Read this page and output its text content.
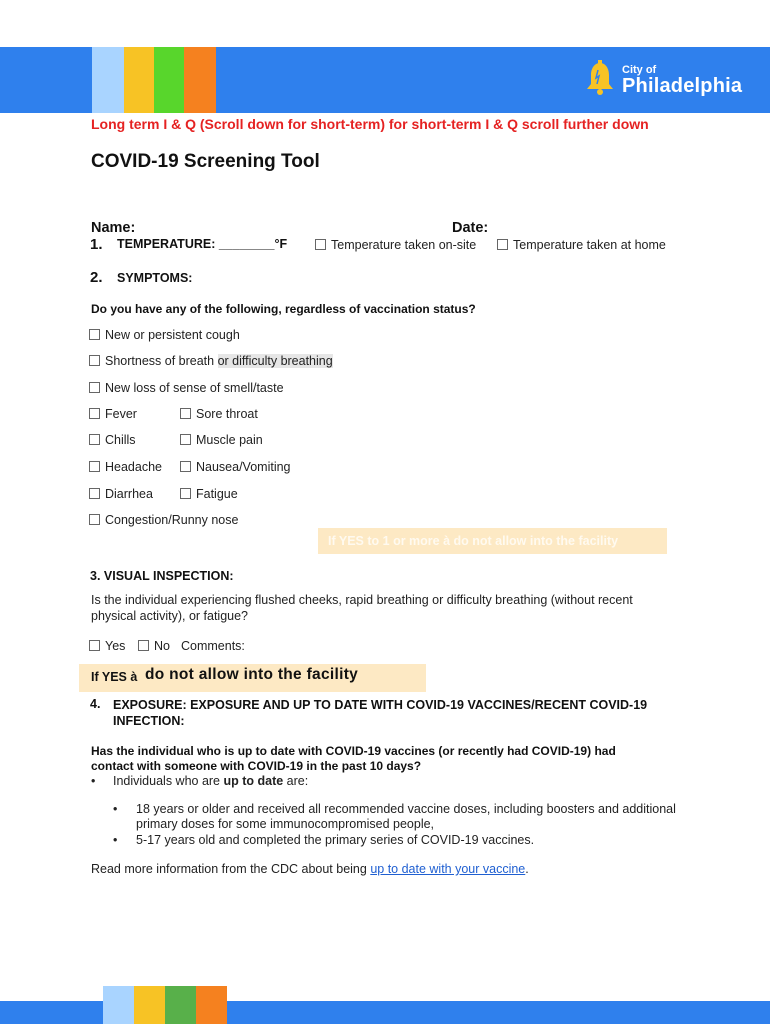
City of
Philadelphia
Long term I & Q (Scroll down for short-term) for short-term I & Q scroll further down
COVID-19 Screening Tool
Name:	Date:
1. TEMPERATURE: ________°F	Temperature taken on-site	Temperature taken at home
2. SYMPTOMS:
Do you have any of the following, regardless of vaccination status?
New or persistent cough
Shortness of breath or difficulty breathing
New loss of sense of smell/taste
Fever	Sore throat
Chills	Muscle pain
Headache	Nausea/Vomiting
Diarrhea	Fatigue
Congestion/Runny nose
If YES to 1 or more à do not allow into the facility
3. VISUAL INSPECTION:
Is the individual experiencing flushed cheeks, rapid breathing or difficulty breathing (without recent physical activity), or fatigue?
Yes	No Comments:
If YES à do not allow into the facility
4. EXPOSURE: EXPOSURE AND UP TO DATE WITH COVID-19 VACCINES/RECENT COVID-19 INFECTION:
Has the individual who is up to date with COVID-19 vaccines (or recently had COVID-19) had contact with someone with COVID-19 in the past 10 days?
• Individuals who are up to date are:
• 18 years or older and received all recommended vaccine doses, including boosters and additional primary doses for some immunocompromised people,
• 5-17 years old and completed the primary series of COVID-19 vaccines.
Read more information from the CDC about being up to date with your vaccine.
